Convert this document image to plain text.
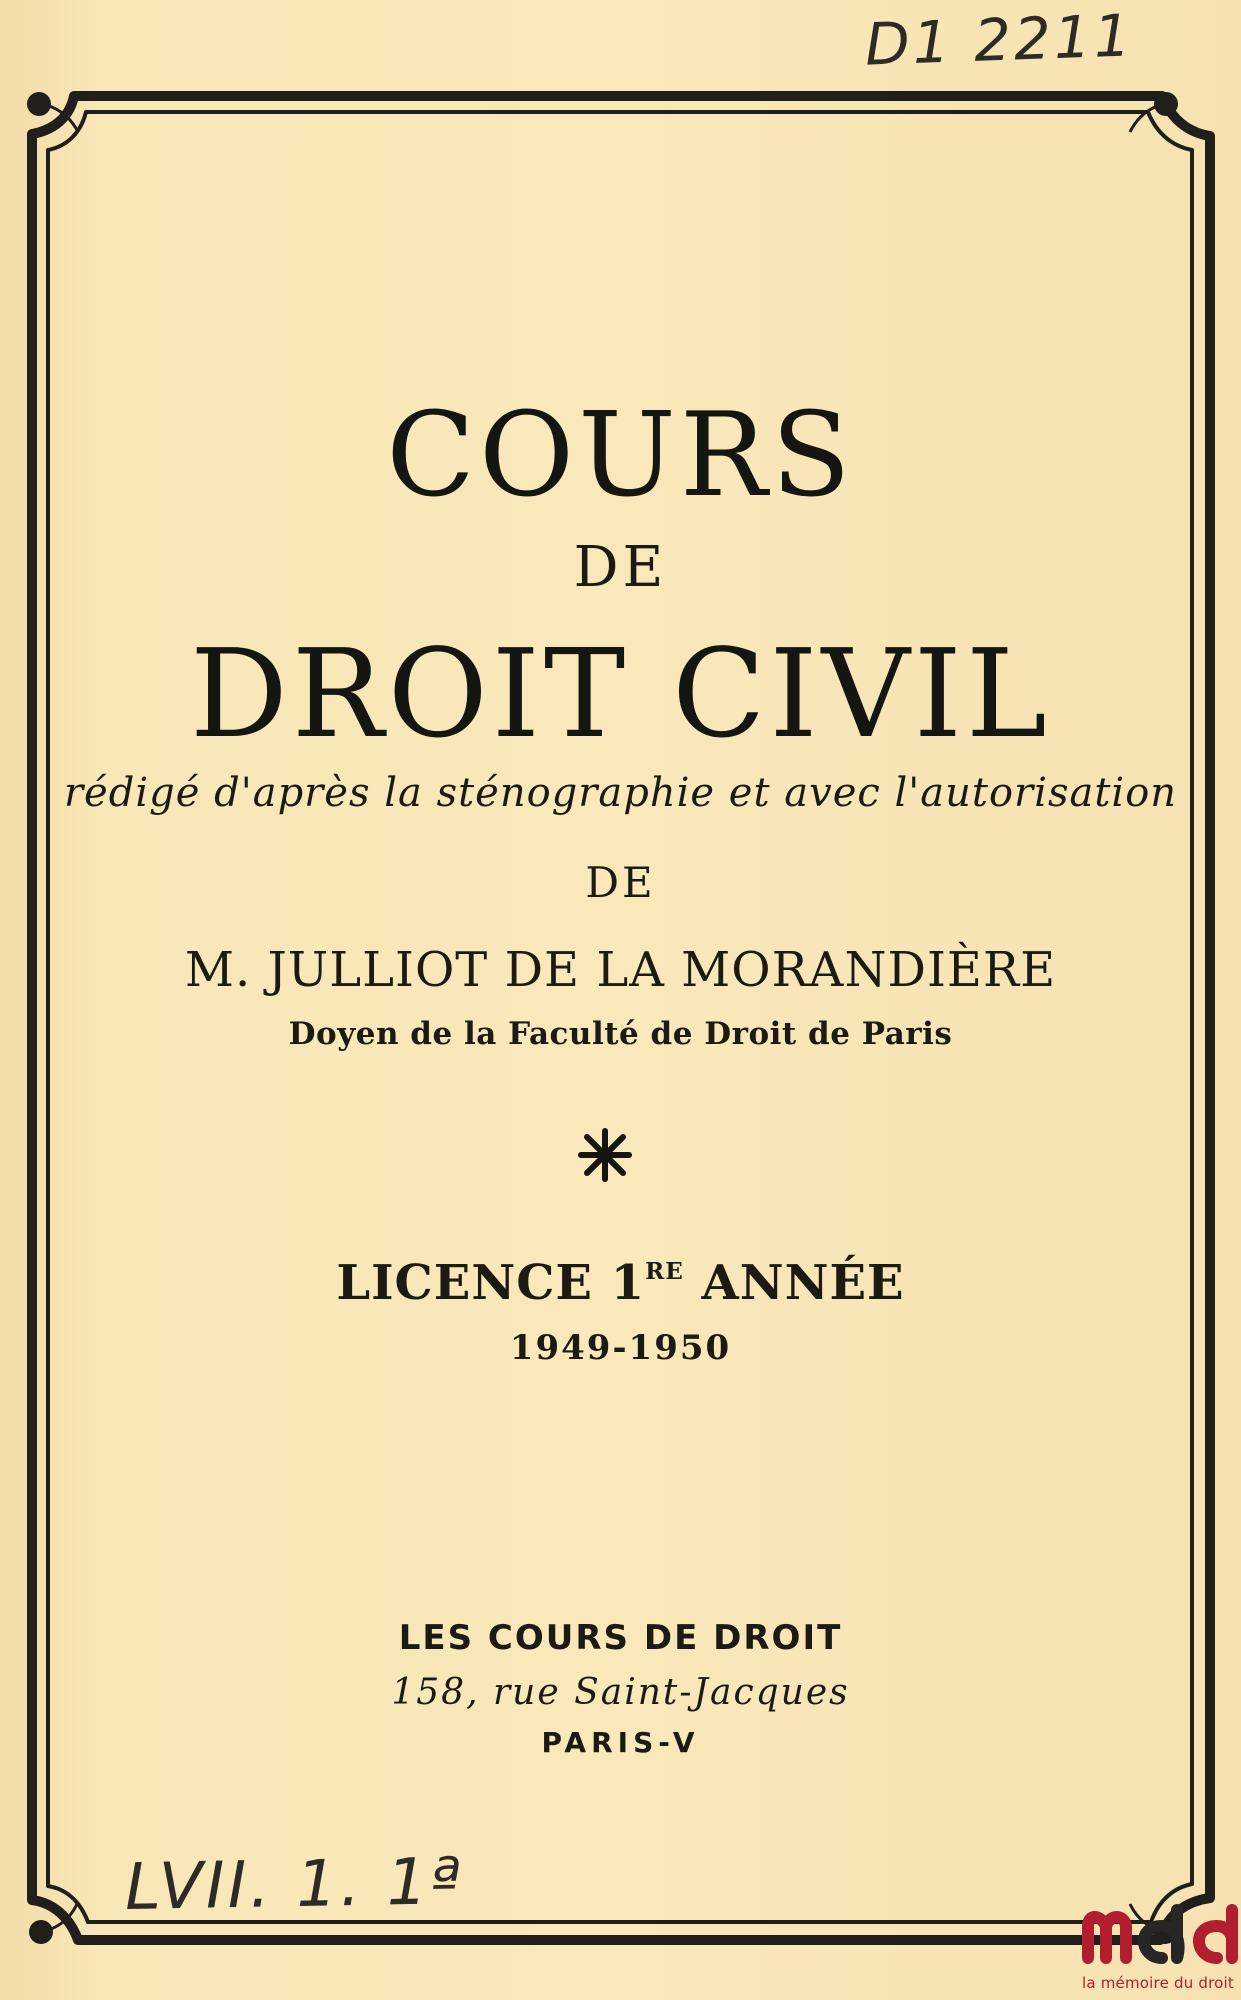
D1 2211
COURS
DE
DROIT CIVIL
rédigé d'après la sténographie et avec l'autorisation
DE
M. JULLIOT DE LA MORANDIÈRE
Doyen de la Faculté de Droit de Paris
LICENCE 1RE ANNÉE
1949-1950
LES COURS DE DROIT
158, rue Saint-Jacques
PARIS-V
LVII. 1. 1ª
la mémoire du droit
